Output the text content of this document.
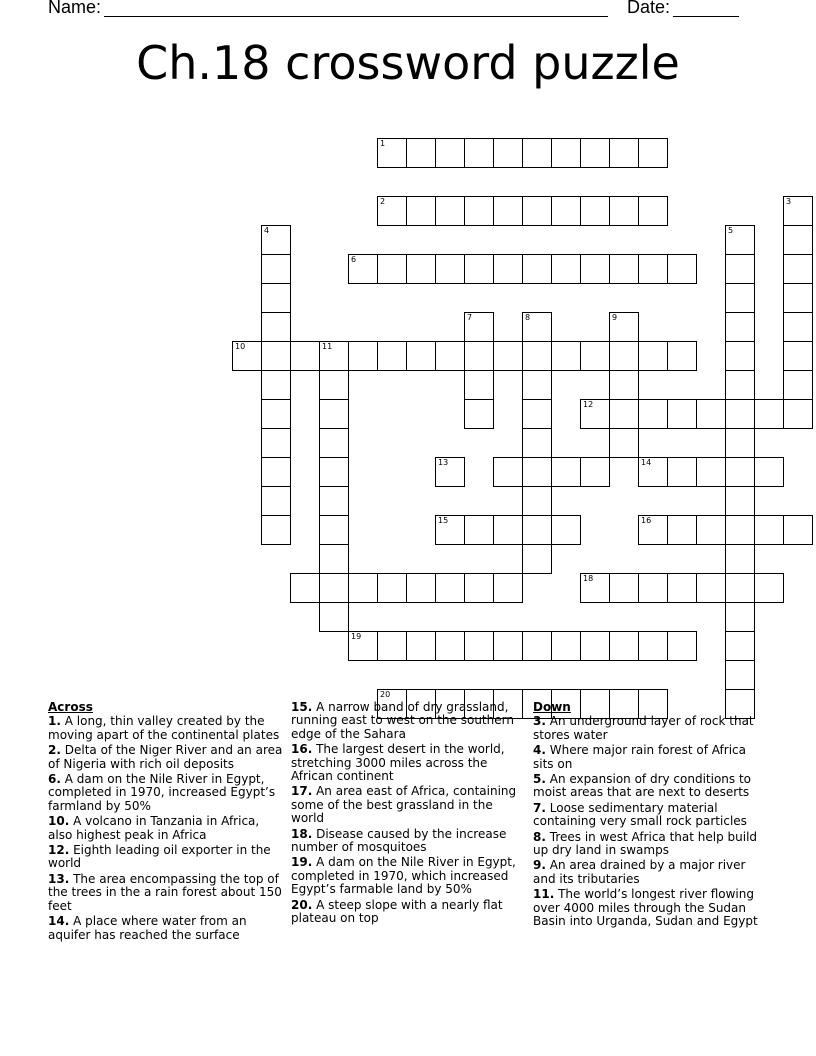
Name:	Date:
Ch.18 crossword puzzle
1
2	3
4	5
6
7	8	9
10	11
12
13	14
15	16
18
19
20
Across
1. A long, thin valley created by the moving apart of the continental plates
2. Delta of the Niger River and an area of Nigeria with rich oil deposits
6. A dam on the Nile River in Egypt, completed in 1970, increased Egypt’s farmland by 50%
10. A volcano in Tanzania in Africa, also highest peak in Africa
12. Eighth leading oil exporter in the world
13. The area encompassing the top of the trees in the a rain forest about 150 feet
14. A place where water from an aquifer has reached the surface
15. A narrow band of dry grassland, running east to west on the southern edge of the Sahara
16. The largest desert in the world, stretching 3000 miles across the African continent
17. An area east of Africa, containing some of the best grassland in the world
18. Disease caused by the increase number of mosquitoes
19. A dam on the Nile River in Egypt, completed in 1970, which increased Egypt’s farmable land by 50%
20. A steep slope with a nearly flat plateau on top
Down
3. An underground layer of rock that stores water
4. Where major rain forest of Africa sits on
5. An expansion of dry conditions to moist areas that are next to deserts
7. Loose sedimentary material containing very small rock particles
8. Trees in west Africa that help build up dry land in swamps
9. An area drained by a major river and its tributaries
11. The world’s longest river flowing over 4000 miles through the Sudan Basin into Urganda, Sudan and Egypt
